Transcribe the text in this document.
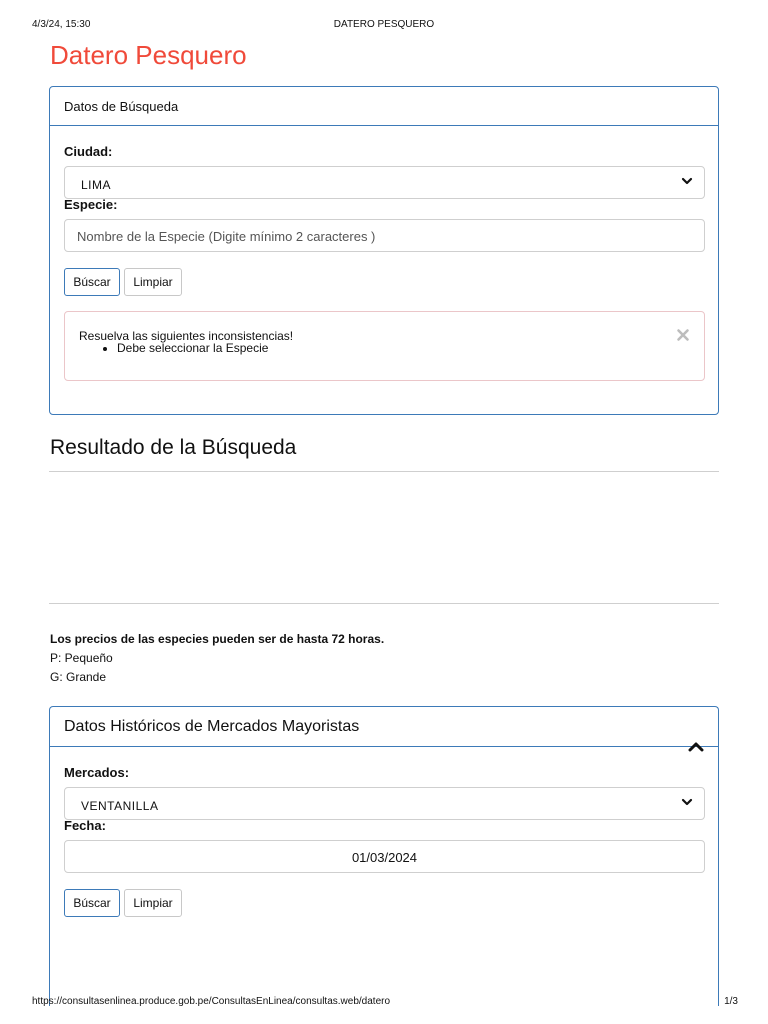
4/3/24, 15:30	DATERO PESQUERO
Datero Pesquero
Datos de Búsqueda
Ciudad:
LIMA
Especie:
Nombre de la Especie (Digite mínimo 2 caracteres )
Búscar	Limpiar
Resuelva las siguientes inconsistencias!
• Debe seleccionar la Especie
Resultado de la Búsqueda
Los precios de las especies pueden ser de hasta 72 horas.
P: Pequeño
G: Grande
Datos Históricos de Mercados Mayoristas
Mercados:
VENTANILLA
Fecha:
01/03/2024
Búscar	Limpiar
https://consultasenlinea.produce.gob.pe/ConsultasEnLinea/consultas.web/datero	1/3
